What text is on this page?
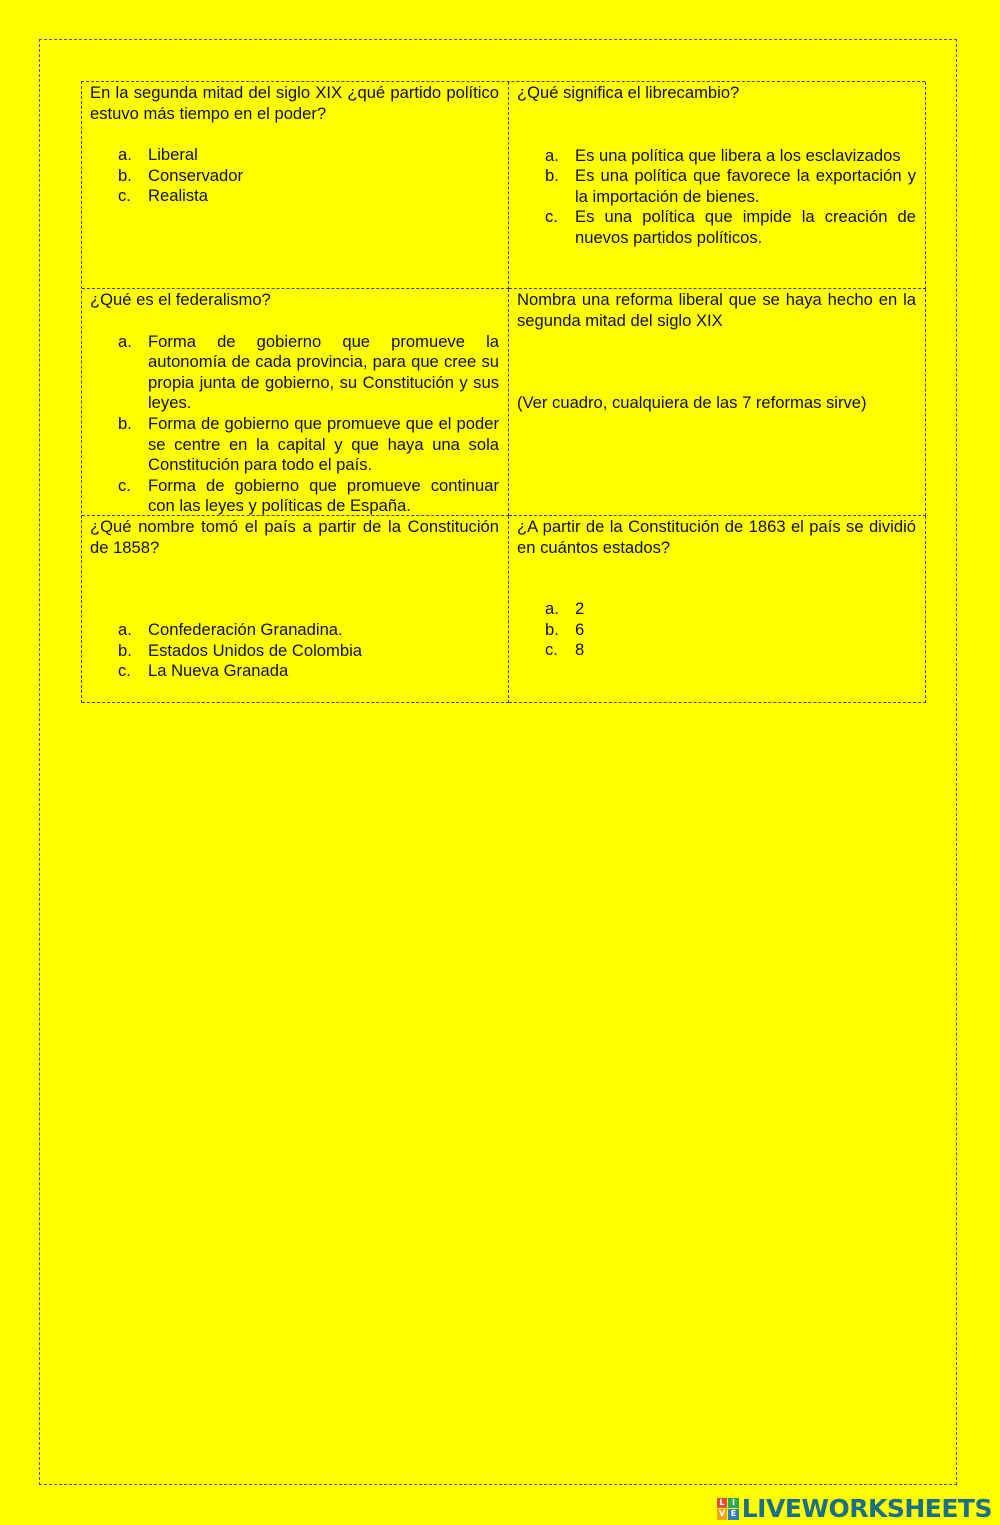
En la segunda mitad del siglo XIX ¿qué partido político estuvo más tiempo en el poder?

a. Liberal
b. Conservador
c.	Realista

¿Qué significa el librecambio?

a. Es una política que libera a los esclavizados
b. Es una política que favorece la exportación y la importación de bienes.
c.	Es una política que impide la creación de nuevos partidos políticos.

¿Qué es el federalismo?

a. Forma de gobierno que promueve la autonomía de cada provincia, para que cree su propia junta de gobierno, su Constitución y sus leyes.
b. Forma de gobierno que promueve que el poder se centre en la capital y que haya una sola Constitución para todo el país.
c.	Forma de gobierno que promueve continuar con las leyes y políticas de España.

Nombra una reforma liberal que se haya hecho en la segunda mitad del siglo XIX

(Ver cuadro, cualquiera de las 7 reformas sirve)

¿Qué nombre tomó el país a partir de la Constitución de 1858?

a. Confederación Granadina.
b. Estados Unidos de Colombia
c.	La Nueva Granada

¿A partir de la Constitución de 1863 el país se dividió en cuántos estados?

a. 2
b. 6
c.	8
L I
V E LIVEWORKSHEETS
